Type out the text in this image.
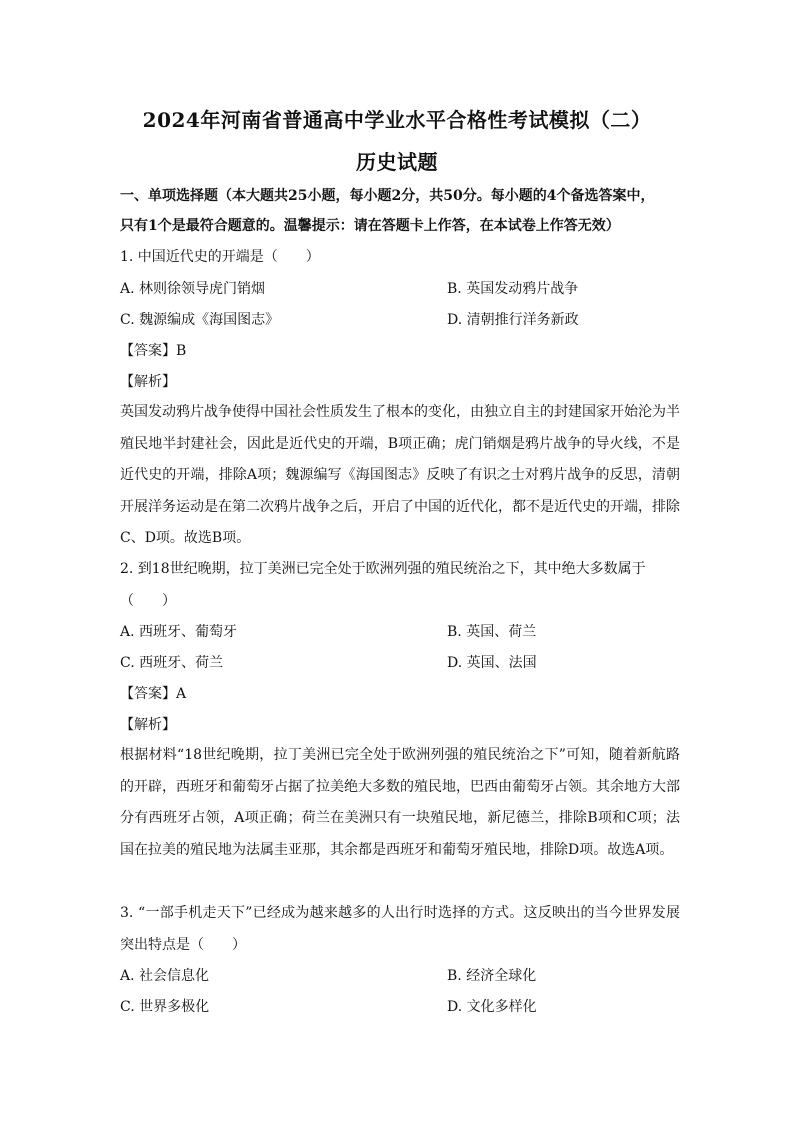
2024年河南省普通高中学业水平合格性考试模拟（二）
历史试题
一、单项选择题（本大题共25小题，每小题2分，共50分。每小题的4个备选答案中，
只有1个是最符合题意的。温馨提示：请在答题卡上作答，在本试卷上作答无效）
1. 中国近代史的开端是（　　）
A. 林则徐领导虎门销烟	B. 英国发动鸦片战争
C. 魏源编成《海国图志》	D. 清朝推行洋务新政
【答案】B
【解析】
英国发动鸦片战争使得中国社会性质发生了根本的变化，由独立自主的封建国家开始沦为半殖民地半封建社会，因此是近代史的开端，B项正确；虎门销烟是鸦片战争的导火线，不是近代史的开端，排除A项；魏源编写《海国图志》反映了有识之士对鸦片战争的反思，清朝开展洋务运动是在第二次鸦片战争之后，开启了中国的近代化，都不是近代史的开端，排除C、D项。故选B项。
2. 到18世纪晚期，拉丁美洲已完全处于欧洲列强的殖民统治之下，其中绝大多数属于
（　　）
A. 西班牙、葡萄牙	B. 英国、荷兰
C. 西班牙、荷兰	D. 英国、法国
【答案】A
【解析】
根据材料“18世纪晚期，拉丁美洲已完全处于欧洲列强的殖民统治之下”可知，随着新航路的开辟，西班牙和葡萄牙占据了拉美绝大多数的殖民地，巴西由葡萄牙占领。其余地方大部分有西班牙占领，A项正确；荷兰在美洲只有一块殖民地，新尼德兰，排除B项和C项；法国在拉美的殖民地为法属圭亚那，其余都是西班牙和葡萄牙殖民地，排除D项。故选A项。
3. “一部手机走天下”已经成为越来越多的人出行时选择的方式。这反映出的当今世界发展突出特点是（　　）
A. 社会信息化	B. 经济全球化
C. 世界多极化	D. 文化多样化
